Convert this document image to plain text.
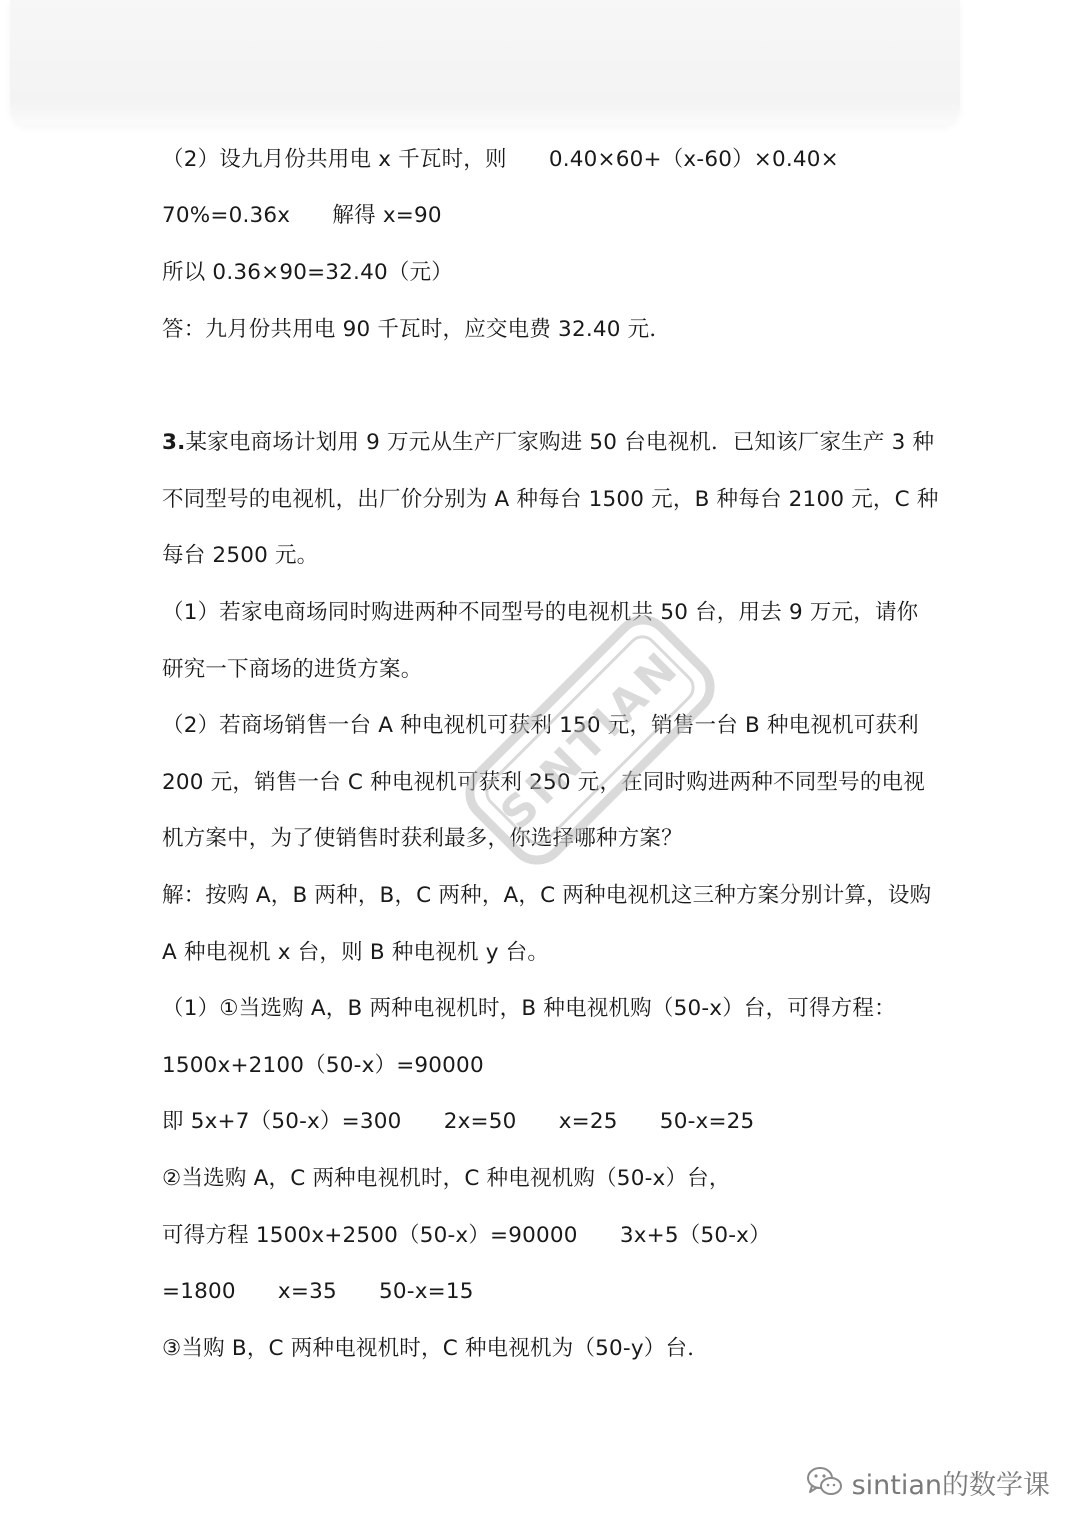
（2）设九月份共用电 x 千瓦时，则      0.40×60+（x-60）×0.40×
70%=0.36x      解得 x=90
所以 0.36×90=32.40（元）
答：九月份共用电 90 千瓦时，应交电费 32.40 元．
3.某家电商场计划用 9 万元从生产厂家购进 50 台电视机．已知该厂家生产 3 种
不同型号的电视机，出厂价分别为 A 种每台 1500 元，B 种每台 2100 元，C 种
每台 2500 元。
（1）若家电商场同时购进两种不同型号的电视机共 50 台，用去 9 万元，请你
研究一下商场的进货方案。
（2）若商场销售一台 A 种电视机可获利 150 元，销售一台 B 种电视机可获利
200 元，销售一台 C 种电视机可获利 250 元，在同时购进两种不同型号的电视
机方案中，为了使销售时获利最多，你选择哪种方案？
解：按购 A，B 两种，B，C 两种，A，C 两种电视机这三种方案分别计算，设购
A 种电视机 x 台，则 B 种电视机 y 台。
（1）①当选购 A，B 两种电视机时，B 种电视机购（50-x）台，可得方程：
1500x+2100（50-x）=90000
即 5x+7（50-x）=300      2x=50      x=25      50-x=25
②当选购 A，C 两种电视机时，C 种电视机购（50-x）台，
可得方程 1500x+2500（50-x）=90000      3x+5（50-x）
=1800      x=35      50-x=15
③当购 B，C 两种电视机时，C 种电视机为（50-y）台．
SINTIAN
sintian的数学课
